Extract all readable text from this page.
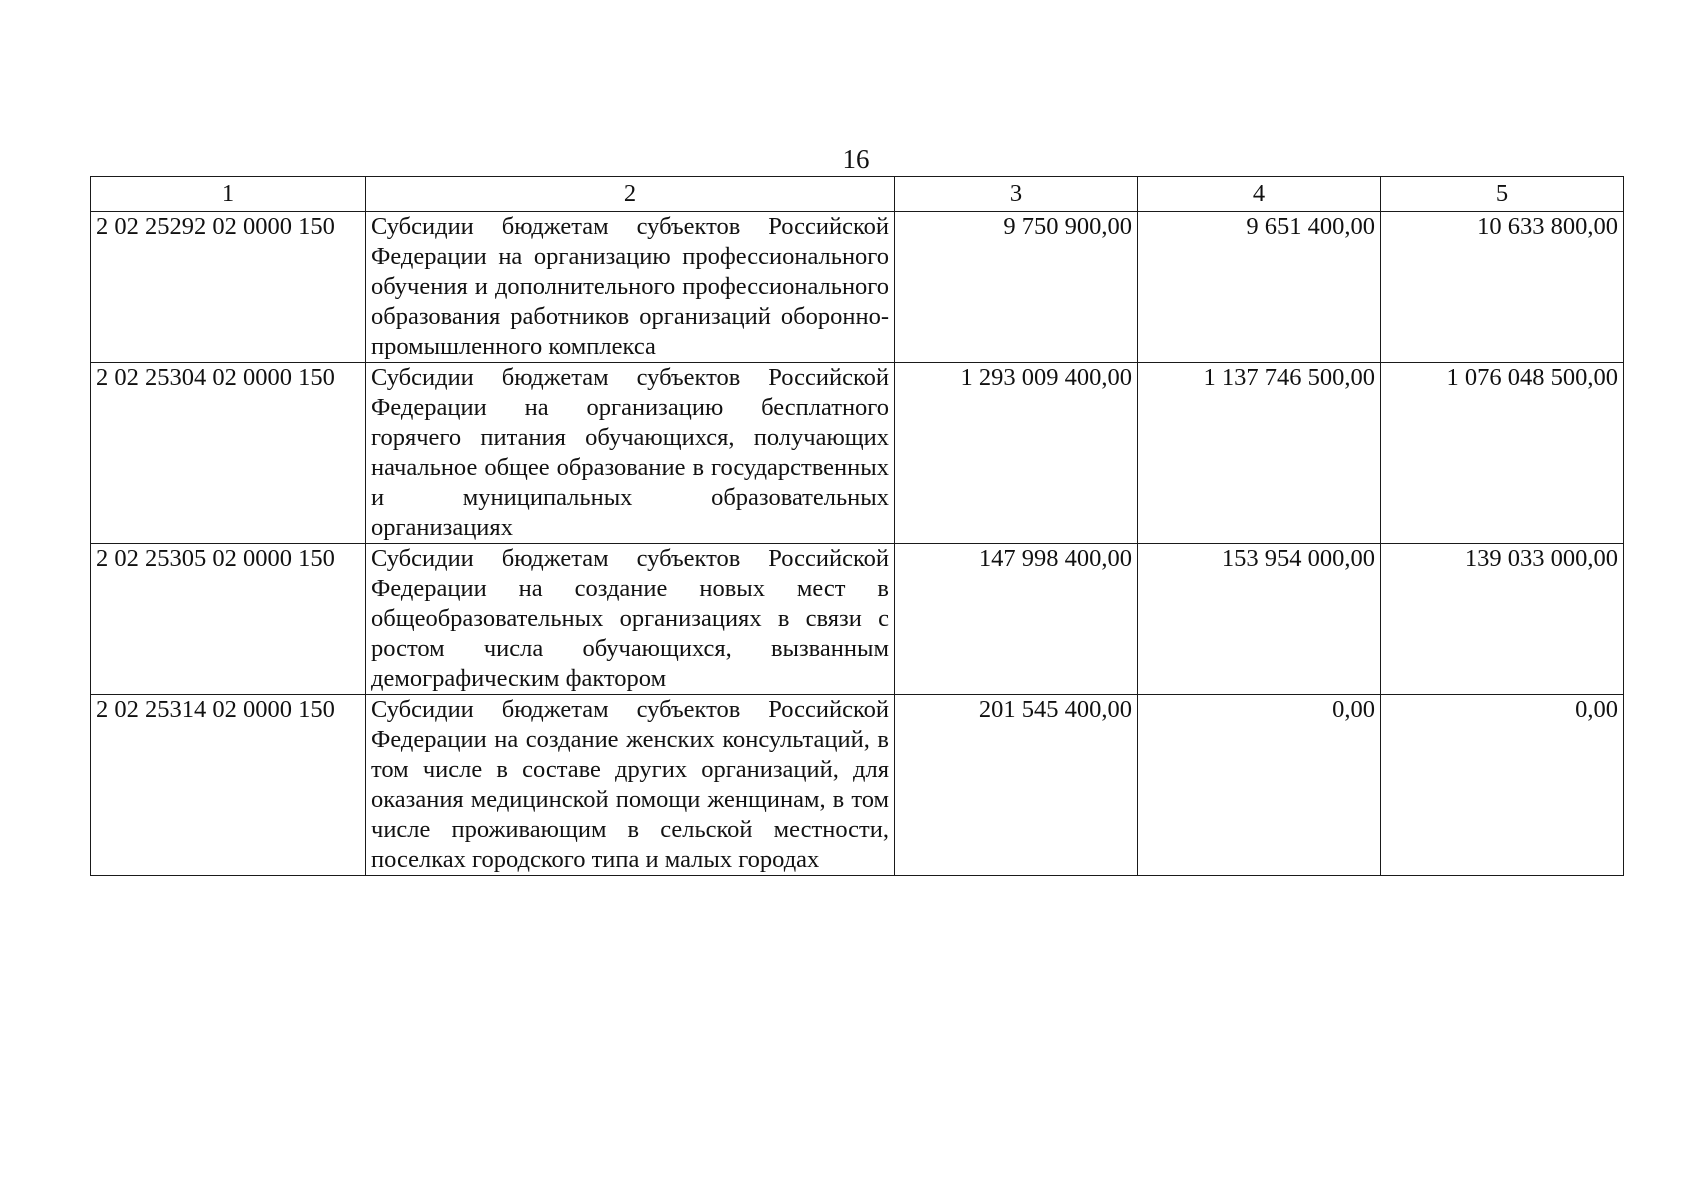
16
1	2	3	4	5
2 02 25292 02 0000 150	Субсидии бюджетам субъектов Российской Федерации на организацию профессионального обучения и дополнительного профессионального образования работников организаций оборонно-промышленного комплекса	9 750 900,00	9 651 400,00	10 633 800,00
2 02 25304 02 0000 150	Субсидии бюджетам субъектов Российской Федерации на организацию бесплатного горячего питания обучающихся, получающих начальное общее образование в государственных и муниципальных образовательных организациях	1 293 009 400,00	1 137 746 500,00	1 076 048 500,00
2 02 25305 02 0000 150	Субсидии бюджетам субъектов Российской Федерации на создание новых мест в общеобразовательных организациях в связи с ростом числа обучающихся, вызванным демографическим фактором	147 998 400,00	153 954 000,00	139 033 000,00
2 02 25314 02 0000 150	Субсидии бюджетам субъектов Российской Федерации на создание женских консультаций, в том числе в составе других организаций, для оказания медицинской помощи женщинам, в том числе проживающим в сельской местности, поселках городского типа и малых городах	201 545 400,00	0,00	0,00
